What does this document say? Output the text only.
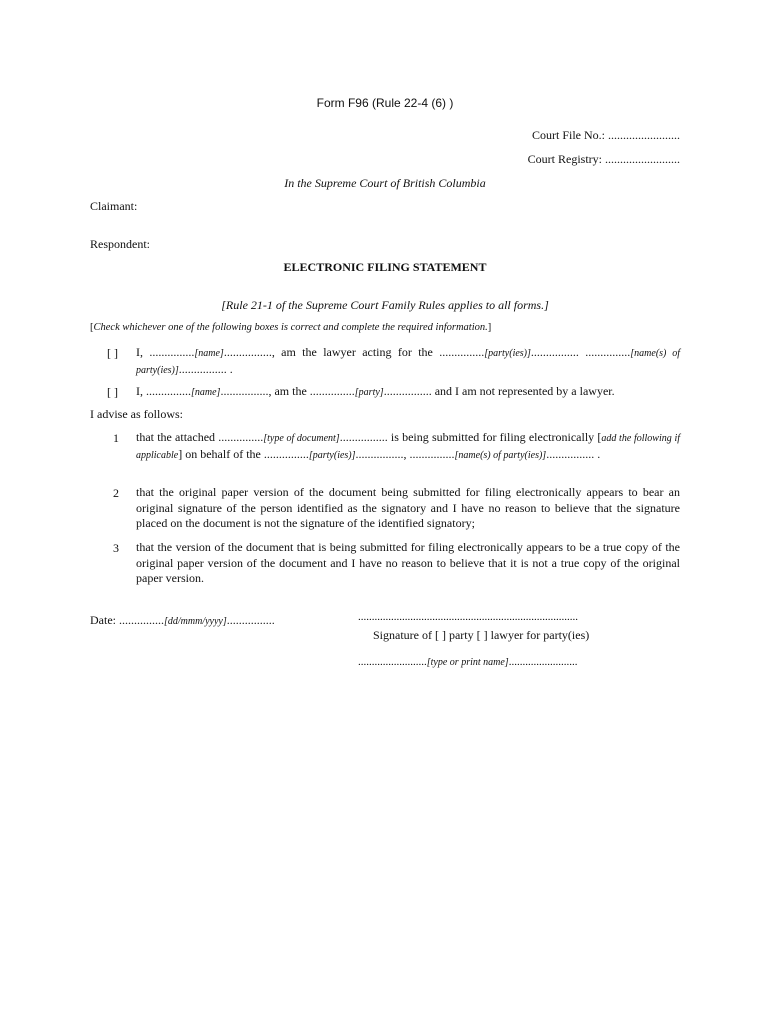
Form F96 (Rule 22-4 (6) )
Court File No.: ........................
Court Registry: .........................
In the Supreme Court of British Columbia
Claimant:
Respondent:
ELECTRONIC FILING STATEMENT
[Rule 21-1 of the Supreme Court Family Rules applies to all forms.]
[Check whichever one of the following boxes is correct and complete the required information.]
[ ] I, ...............[name]................, am the lawyer acting for the ...............[party(ies)]................ ...............[name(s) of party(ies)]................ .
[ ] I, ...............[name]................, am the ...............[party]................ and I am not represented by a lawyer.
I advise as follows:
1 that the attached ...............[type of document]................ is being submitted for filing electronically [add the following if applicable] on behalf of the ...............[party(ies)]................, ...............[name(s) of party(ies)]................ .
2 that the original paper version of the document being submitted for filing electronically appears to bear an original signature of the person identified as the signatory and I have no reason to believe that the signature placed on the document is not the signature of the identified signatory;
3 that the version of the document that is being submitted for filing electronically appears to be a true copy of the original paper version of the document and I have no reason to believe that it is not a true copy of the original paper version.
Date: ...............[dd/mmm/yyyy]................	................................................................................
Signature of [ ] party [ ] lawyer for party(ies)
.........................[type or print name].........................
